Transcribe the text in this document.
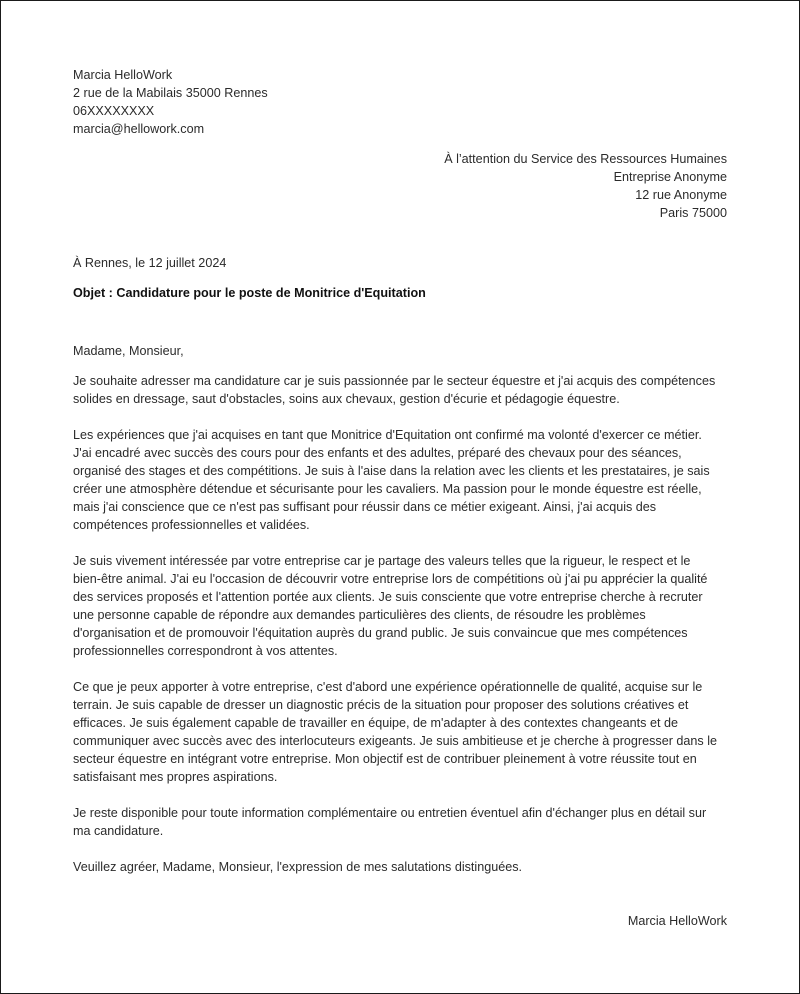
Marcia HelloWork
2 rue de la Mabilais 35000 Rennes
06XXXXXXXX
marcia@hellowork.com
À l’attention du Service des Ressources Humaines
Entreprise Anonyme
12 rue Anonyme
Paris 75000
À Rennes, le 12 juillet 2024
Objet : Candidature pour le poste de Monitrice d'Equitation
Madame, Monsieur,
Je souhaite adresser ma candidature car je suis passionnée par le secteur équestre et j'ai acquis des compétences
solides en dressage, saut d'obstacles, soins aux chevaux, gestion d'écurie et pédagogie équestre.
Les expériences que j'ai acquises en tant que Monitrice d'Equitation ont confirmé ma volonté d'exercer ce métier.
J'ai encadré avec succès des cours pour des enfants et des adultes, préparé des chevaux pour des séances,
organisé des stages et des compétitions. Je suis à l'aise dans la relation avec les clients et les prestataires, je sais
créer une atmosphère détendue et sécurisante pour les cavaliers. Ma passion pour le monde équestre est réelle,
mais j'ai conscience que ce n'est pas suffisant pour réussir dans ce métier exigeant. Ainsi, j'ai acquis des
compétences professionnelles et validées.
Je suis vivement intéressée par votre entreprise car je partage des valeurs telles que la rigueur, le respect et le
bien-être animal. J'ai eu l'occasion de découvrir votre entreprise lors de compétitions où j'ai pu apprécier la qualité
des services proposés et l'attention portée aux clients. Je suis consciente que votre entreprise cherche à recruter
une personne capable de répondre aux demandes particulières des clients, de résoudre les problèmes
d'organisation et de promouvoir l'équitation auprès du grand public. Je suis convaincue que mes compétences
professionnelles correspondront à vos attentes.
Ce que je peux apporter à votre entreprise, c'est d'abord une expérience opérationnelle de qualité, acquise sur le
terrain. Je suis capable de dresser un diagnostic précis de la situation pour proposer des solutions créatives et
efficaces. Je suis également capable de travailler en équipe, de m'adapter à des contextes changeants et de
communiquer avec succès avec des interlocuteurs exigeants. Je suis ambitieuse et je cherche à progresser dans le
secteur équestre en intégrant votre entreprise. Mon objectif est de contribuer pleinement à votre réussite tout en
satisfaisant mes propres aspirations.
Je reste disponible pour toute information complémentaire ou entretien éventuel afin d'échanger plus en détail sur
ma candidature.
Veuillez agréer, Madame, Monsieur, l'expression de mes salutations distinguées.
Marcia HelloWork
